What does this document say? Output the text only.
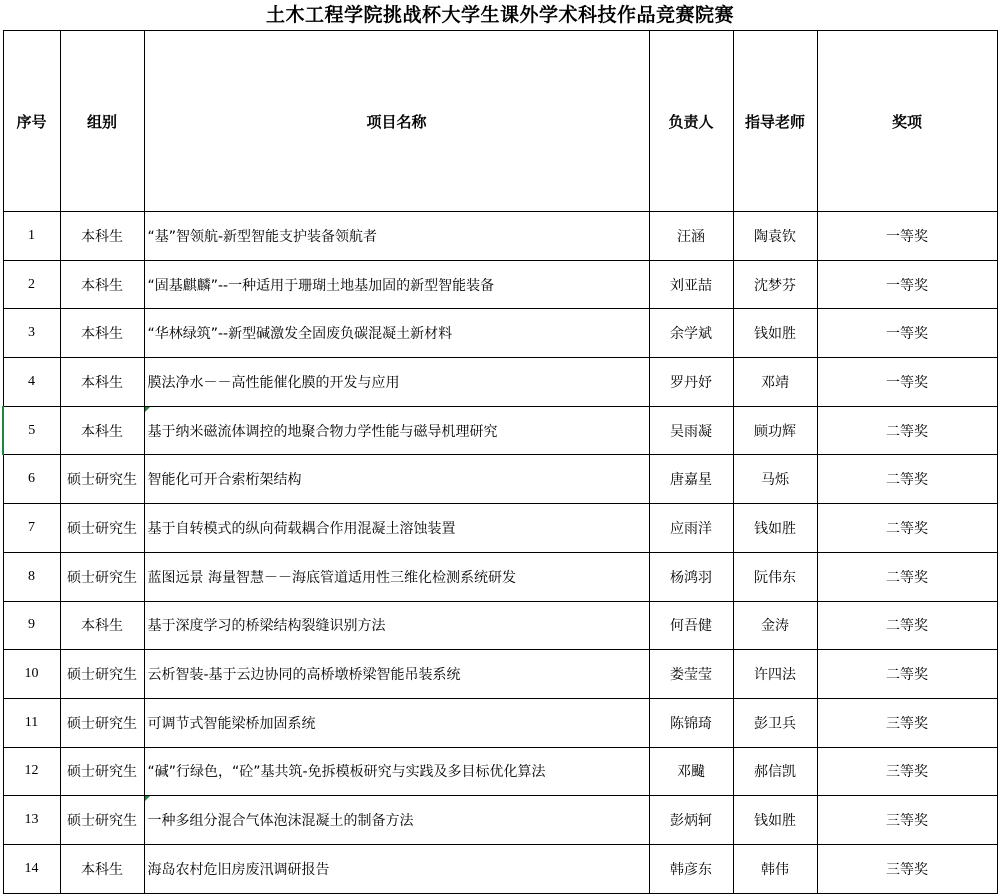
土木工程学院挑战杯大学生课外学术科技作品竞赛院赛
序号	组别	项目名称	负责人	指导老师	奖项
1	本科生	“基”智领航-新型智能支护装备领航者	汪涵	陶袁钦	一等奖
2	本科生	“固基麒麟”--一种适用于珊瑚土地基加固的新型智能装备	刘亚喆	沈梦芬	一等奖
3	本科生	“华林绿筑”--新型碱激发全固废负碳混凝土新材料	余学斌	钱如胜	一等奖
4	本科生	膜法净水－－高性能催化膜的开发与应用	罗丹妤	邓靖	一等奖
5	本科生	基于纳米磁流体调控的地聚合物力学性能与磁导机理研究	吴雨凝	顾功辉	二等奖
6	硕士研究生	智能化可开合索桁架结构	唐嘉星	马烁	二等奖
7	硕士研究生	基于自转模式的纵向荷载耦合作用混凝土溶蚀装置	应雨洋	钱如胜	二等奖
8	硕士研究生	蓝图远景 海量智慧－－海底管道适用性三维化检测系统研发	杨鸿羽	阮伟东	二等奖
9	本科生	基于深度学习的桥梁结构裂缝识别方法	何吾健	金涛	二等奖
10	硕士研究生	云析智装-基于云边协同的高桥墩桥梁智能吊装系统	娄莹莹	许四法	二等奖
11	硕士研究生	可调节式智能梁桥加固系统	陈锦琦	彭卫兵	三等奖
12	硕士研究生	“碱”行绿色，“砼”基共筑-免拆模板研究与实践及多目标优化算法	邓颹	郝信凯	三等奖
13	硕士研究生	一种多组分混合气体泡沫混凝土的制备方法	彭炳轲	钱如胜	三等奖
14	本科生	海岛农村危旧房废汛调研报告	韩彦东	韩伟	三等奖
